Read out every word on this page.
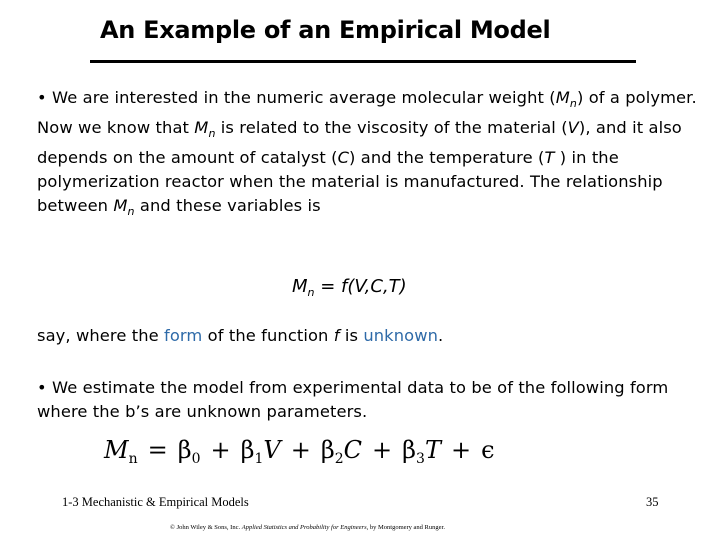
An Example of an Empirical Model
• We are interested in the numeric average molecular weight $(M_n)$ of a polymer. Now we know that $M_n$ is related to the viscosity of the material (V), and it also depends on the amount of catalyst (C) and the temperature (T ) in the polymerization reactor when the material is manufactured. The relationship between $M_n$ and these variables is
$M_n = f(V,C,T)$
say, where the form of the function f is unknown.
• We estimate the model from experimental data to be of the following form where the b’s are unknown parameters.
$M_n = \beta_0 + \beta_1V + \beta_2C + \beta_3T + \epsilon$
1-3 Mechanistic & Empirical Models	35
© John Wiley & Sons, Inc. Applied Statistics and Probability for Engineers, by Montgomery and Runger.
